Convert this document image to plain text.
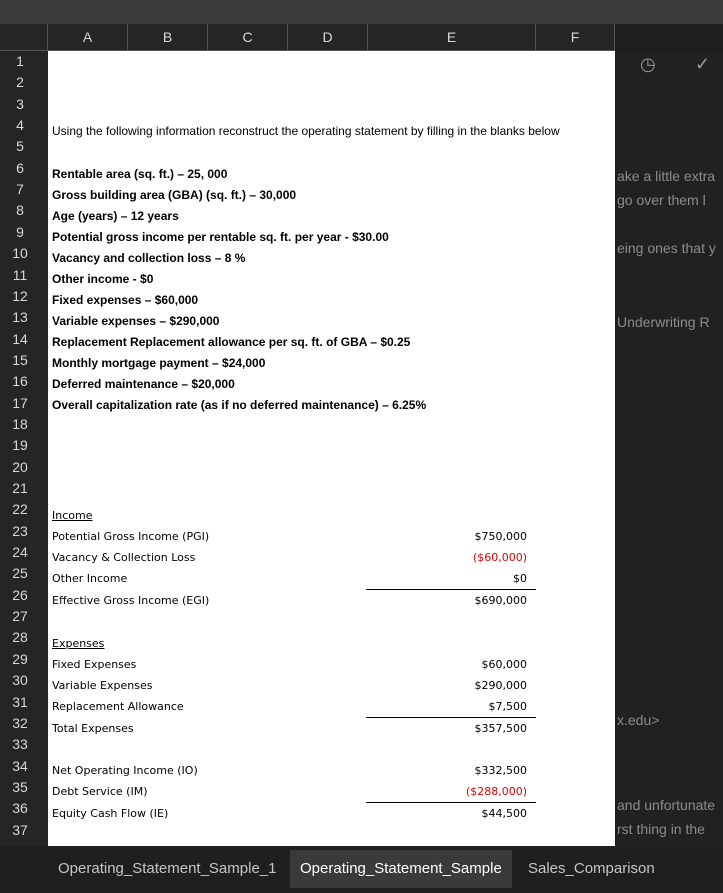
◷ ✓
ake a little extra
go over them l
eing ones that y
Underwriting R
x.edu>
and unfortunate
rst thing in the
A	B	C	D	E	F
1
2
3
4
5
6
7
8
9
10
11
12
13
14
15
16
17
18
19
20
21
22
23
24
25
26
27
28
29
30
31
32
33
34
35
36
37
Using the following information reconstruct the operating statement by filling in the blanks below
Rentable area (sq. ft.) – 25, 000
Gross building area (GBA) (sq. ft.) – 30,000
Age (years) – 12 years
Potential gross income per rentable sq. ft. per year - $30.00
Vacancy and collection loss – 8 %
Other income - $0
Fixed expenses – $60,000
Variable expenses – $290,000
Replacement Replacement allowance per sq. ft. of GBA – $0.25
Monthly mortgage payment – $24,000
Deferred maintenance – $20,000
Overall capitalization rate (as if no deferred maintenance) – 6.25%
Income
Potential Gross Income (PGI)	$750,000
Vacancy & Collection Loss	($60,000)
Other Income	$0
Effective Gross Income (EGI)	$690,000
Expenses
Fixed Expenses	$60,000
Variable Expenses	$290,000
Replacement Allowance	$7,500
Total Expenses	$357,500
Net Operating Income (IO)	$332,500
Debt Service (IM)	($288,000)
Equity Cash Flow (IE)	$44,500
Operating_Statement_Sample_1	Operating_Statement_Sample	Sales_Comparison
